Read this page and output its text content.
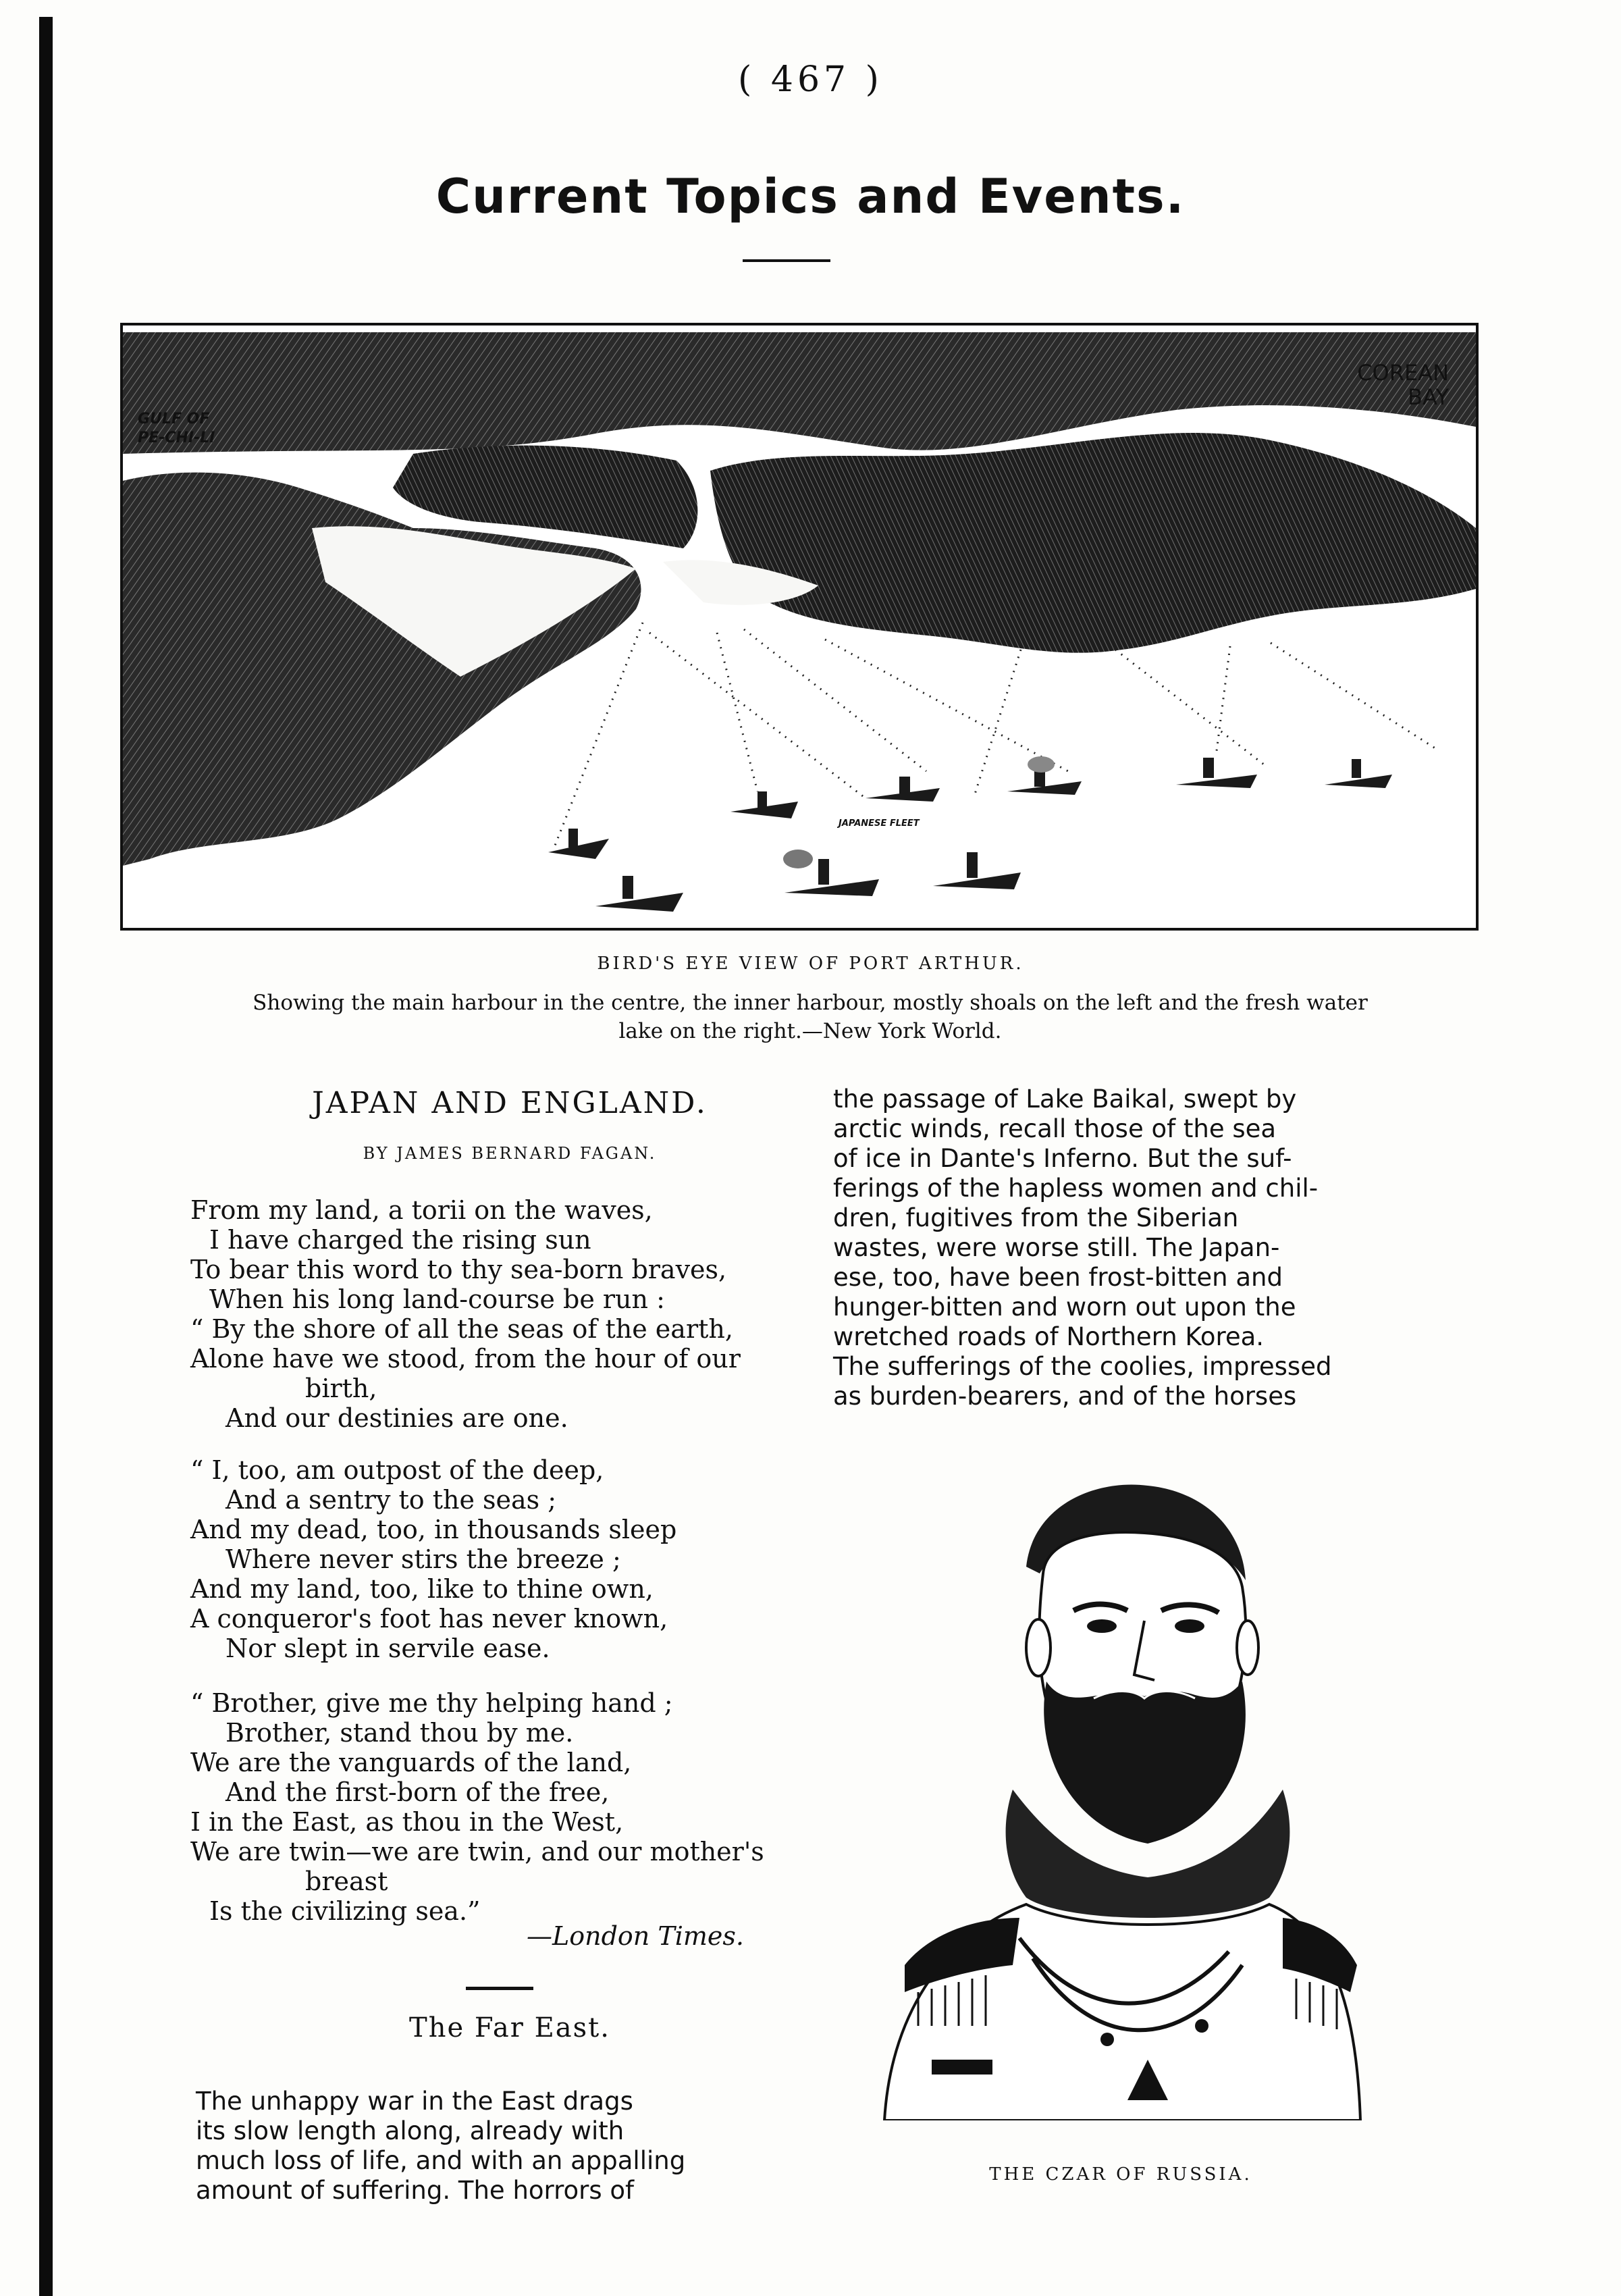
( 467 )
Current Topics and Events.
GULF OF
PE-CHI-LI
COREAN
BAY
JAPANESE FLEET
BIRD'S EYE VIEW OF PORT ARTHUR.
Showing the main harbour in the centre, the inner harbour, mostly shoals on the left and the fresh water lake on the right.—New York World.
JAPAN AND ENGLAND.
BY JAMES BERNARD FAGAN.
From my land, a torii on the waves,
I have charged the rising sun
To bear this word to thy sea-born braves,
When his long land-course be run :
“ By the shore of all the seas of the earth,
Alone have we stood, from the hour of our
birth,
And our destinies are one.
“ I, too, am outpost of the deep,
And a sentry to the seas ;
And my dead, too, in thousands sleep
Where never stirs the breeze ;
And my land, too, like to thine own,
A conqueror's foot has never known,
Nor slept in servile ease.
“ Brother, give me thy helping hand ;
Brother, stand thou by me.
We are the vanguards of the land,
And the first-born of the free,
I in the East, as thou in the West,
We are twin—we are twin, and our mother's
breast
Is the civilizing sea.”
—London Times.
The Far East.
The unhappy war in the East drags
its slow length along, already with
much loss of life, and with an appalling
amount of suffering. The horrors of
the passage of Lake Baikal, swept by
arctic winds, recall those of the sea
of ice in Dante's Inferno. But the suf-
ferings of the hapless women and chil-
dren, fugitives from the Siberian
wastes, were worse still. The Japan-
ese, too, have been frost-bitten and
hunger-bitten and worn out upon the
wretched roads of Northern Korea.
The sufferings of the coolies, impressed
as burden-bearers, and of the horses
THE CZAR OF RUSSIA.
